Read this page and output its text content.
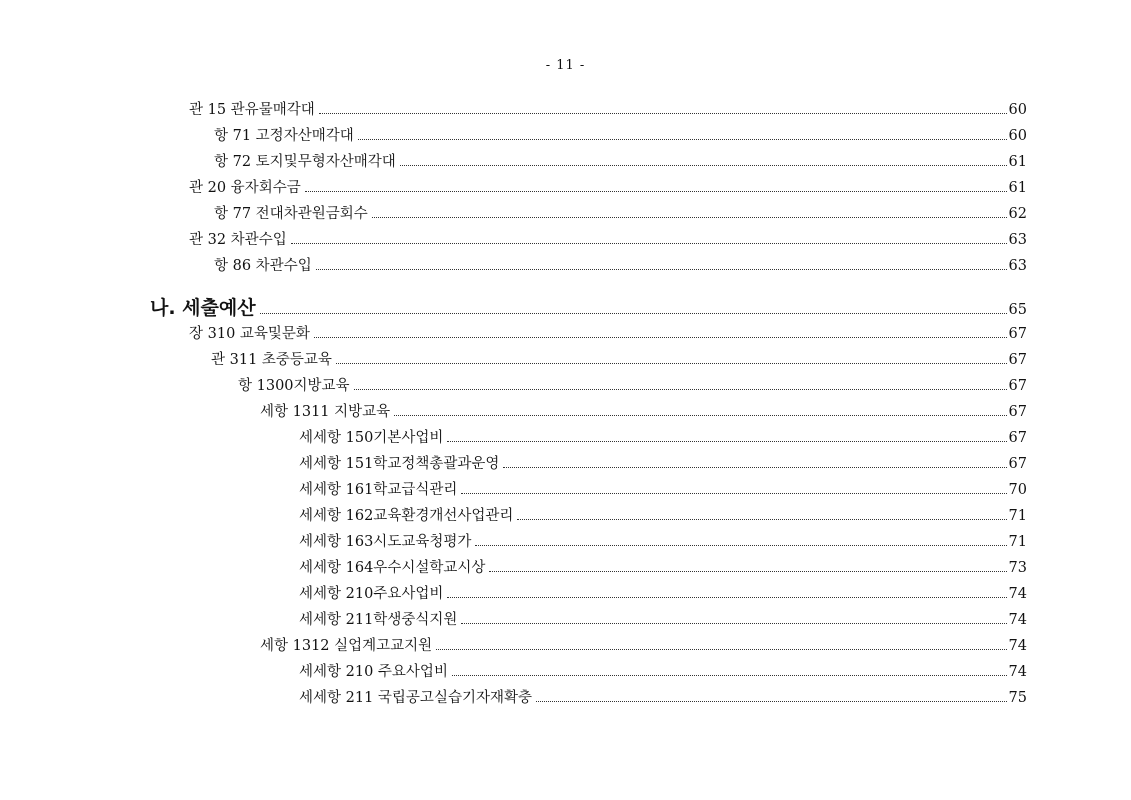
- 11 -
관 15 관유물매각대	60
항 71 고정자산매각대	60
항 72 토지및무형자산매각대	61
관 20 융자회수금	61
항 77 전대차관원금회수	62
관 32 차관수입	63
항 86 차관수입	63
나. 세출예산	65
장 310 교육및문화	67
관 311 초중등교육	67
항 1300지방교육	67
세항 1311 지방교육	67
세세항 150기본사업비	67
세세항 151학교정책총괄과운영	67
세세항 161학교급식관리	70
세세항 162교육환경개선사업관리	71
세세항 163시도교육청평가	71
세세항 164우수시설학교시상	73
세세항 210주요사업비	74
세세항 211학생중식지원	74
세항 1312 실업계고교지원	74
세세항 210 주요사업비	74
세세항 211 국립공고실습기자재확충	75
